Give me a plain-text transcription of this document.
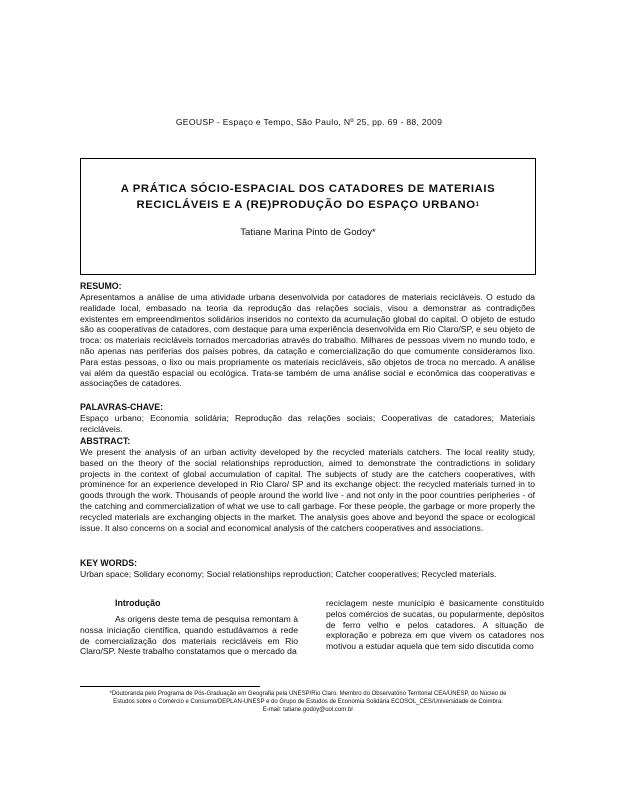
GEOUSP - Espaço e Tempo, São Paulo, Nº 25, pp. 69 - 88, 2009
A PRÁTICA SÓCIO-ESPACIAL DOS CATADORES DE MATERIAIS
RECICLÁVEIS E A (RE)PRODUÇÃO DO ESPAÇO URBANO$^1$
Tatiane Marina Pinto de Godoy*
RESUMO:
Apresentamos a análise de uma atividade urbana desenvolvida por catadores de materiais recicláveis. O estudo da realidade local, embasado na teoria da reprodução das relações sociais, visou a demonstrar as contradições existentes em empreendimentos solidários inseridos no contexto da acumulação global do capital. O objeto de estudo são as cooperativas de catadores, com destaque para uma experiência desenvolvida em Rio Claro/SP, e seu objeto de troca: os materiais recicláveis tornados mercadorias através do trabalho. Milhares de pessoas vivem no mundo todo, e não apenas nas periferias dos países pobres, da catação e comercialização do que comumente consideramos lixo. Para estas pessoas, o lixo ou mais propriamente os materiais recicláveis, são objetos de troca no mercado. A análise vai além da questão espacial ou ecológica. Trata-se também de uma análise social e econômica das cooperativas e associações de catadores.
PALAVRAS-CHAVE:
Espaço urbano; Economia solidária; Reprodução das relações sociais; Cooperativas de catadores; Materiais recicláveis.
ABSTRACT:
We present the analysis of an urban activity developed by the recycled materials catchers. The local reality study, based on the theory of the social relationships reproduction, aimed to demonstrate the contradictions in solidary projects in the context of global accumulation of capital. The subjects of study are the catchers cooperatives, with prominence for an experience developed in Rio Claro/ SP and its exchange object: the recycled materials turned in to goods through the work. Thousands of people around the world live - and not only in the poor countries peripheries - of the catching and commercialization of what we use to call garbage. For these people, the garbage or more properly the recycled materials are exchanging objects in the market. The analysis goes above and beyond the space or ecological issue. It also concerns on a social and economical analysis of the catchers cooperatives and associations.
KEY WORDS:
Urban space; Solidary economy; Social relationships reproduction; Catcher cooperatives; Recycled materials.
Introdução
As origens deste tema de pesquisa remontam à nossa iniciação científica, quando estudávamos a rede de comercialização dos materiais recicláveis em Rio Claro/SP. Neste trabalho constatamos que o mercado da
reciclagem neste município é basicamente constituído pelos comércios de sucatas, ou popularmente, depósitos de ferro velho e pelos catadores. A situação de exploração e pobreza em que vivem os catadores nos motivou a estudar aquela que tem sido discutida como
*Doutoranda pelo Programa de Pós-Graduação em Geografia pela UNESP/Rio Claro. Membro do Observatório Territorial CEA/UNESP, do Núcleo de
Estudos sobre o Comércio e Consumo/DEPLAN-UNESP e do Grupo de Estudos de Economia Solidária ECOSOL_CES/Universidade de Coimbra.
E-mail: tatiane.godoy@uol.com.br
